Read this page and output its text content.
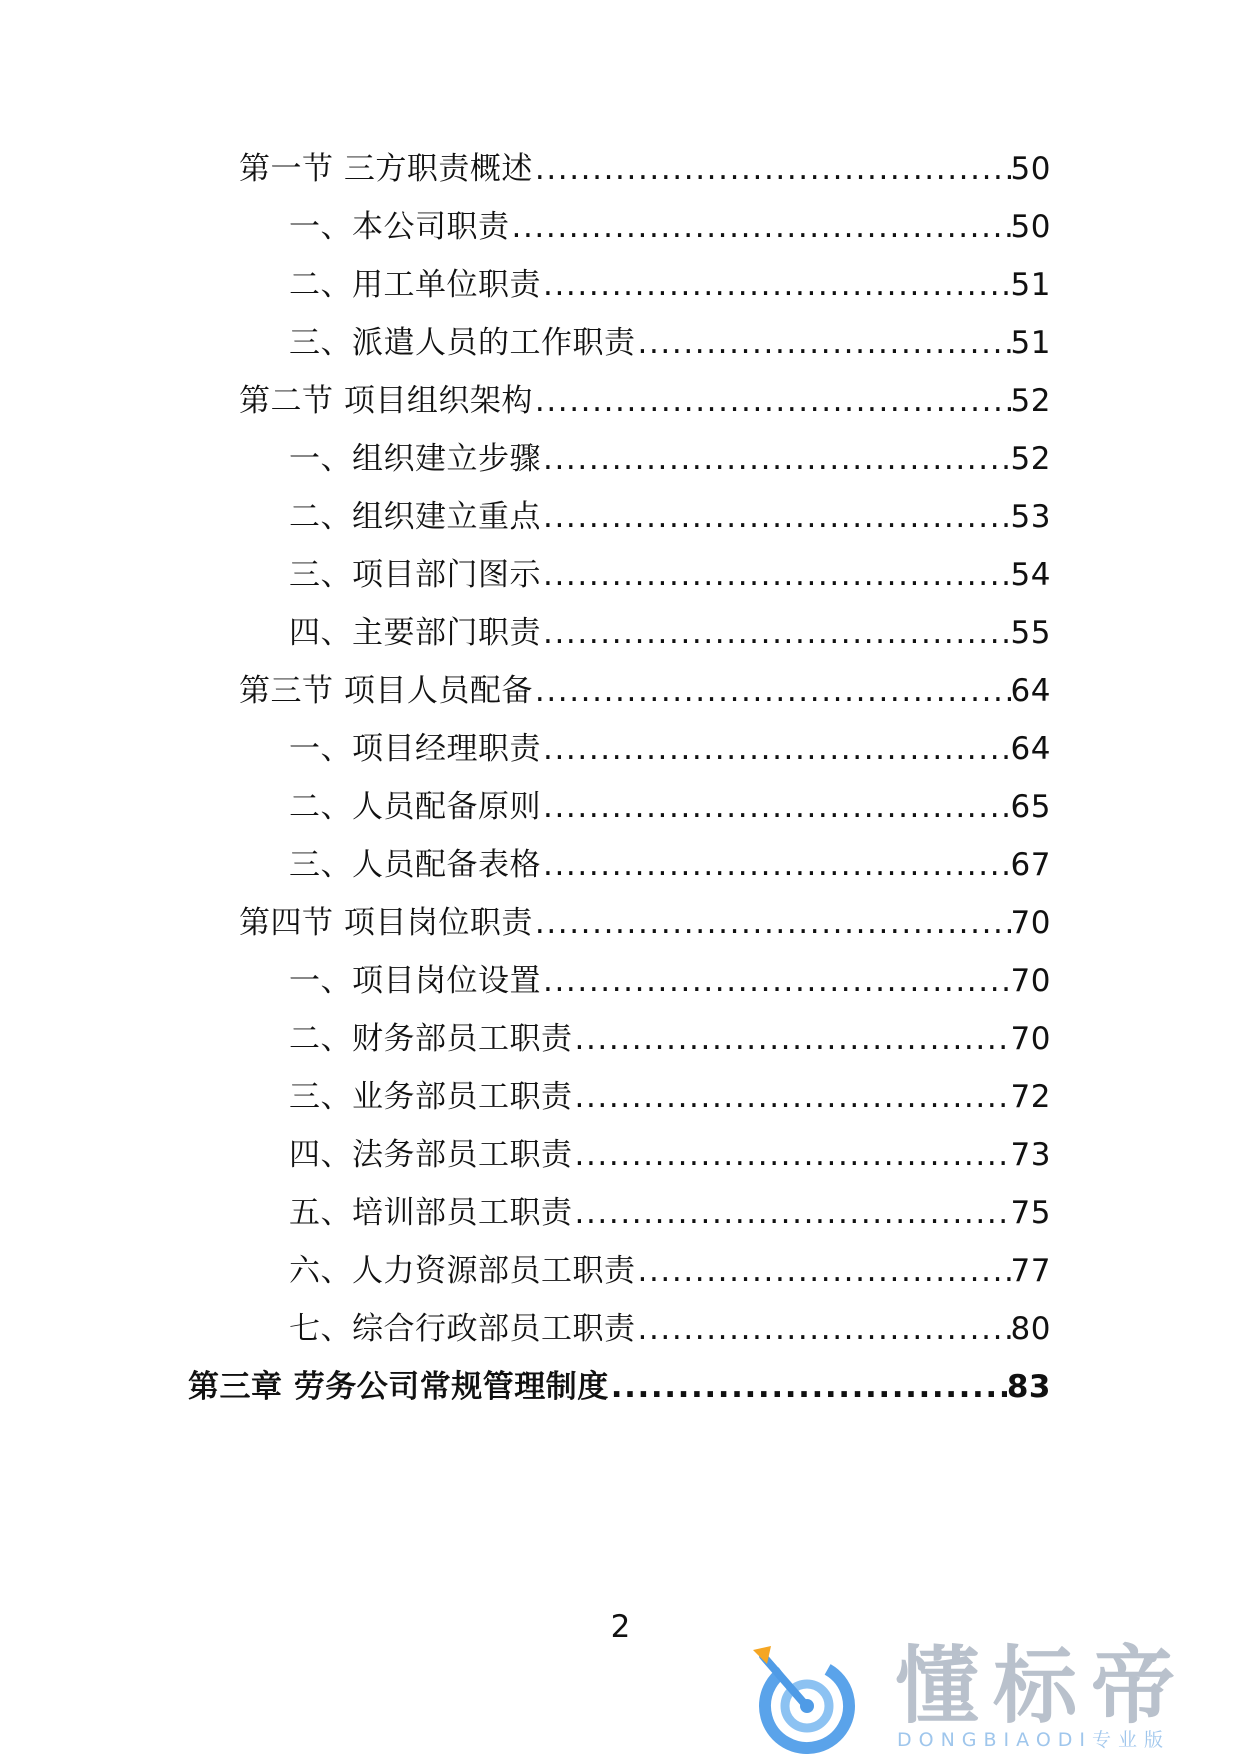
第一节 三方职责概述 .....	50
一、本公司职责 .....	50
二、用工单位职责 .....	51
三、派遣人员的工作职责 .....	51
第二节 项目组织架构 .....	52
一、组织建立步骤 .....	52
二、组织建立重点 .....	53
三、项目部门图示 .....	54
四、主要部门职责 .....	55
第三节 项目人员配备 .....	64
一、项目经理职责 .....	64
二、人员配备原则 .....	65
三、人员配备表格 .....	67
第四节 项目岗位职责 .....	70
一、项目岗位设置 .....	70
二、财务部员工职责 .....	70
三、业务部员工职责 .....	72
四、法务部员工职责 .....	73
五、培训部员工职责 .....	75
六、人力资源部员工职责 .....	77
七、综合行政部员工职责 .....	80
第三章 劳务公司常规管理制度 .....	83
2
懂标帝
DONGBIAODI专业版
